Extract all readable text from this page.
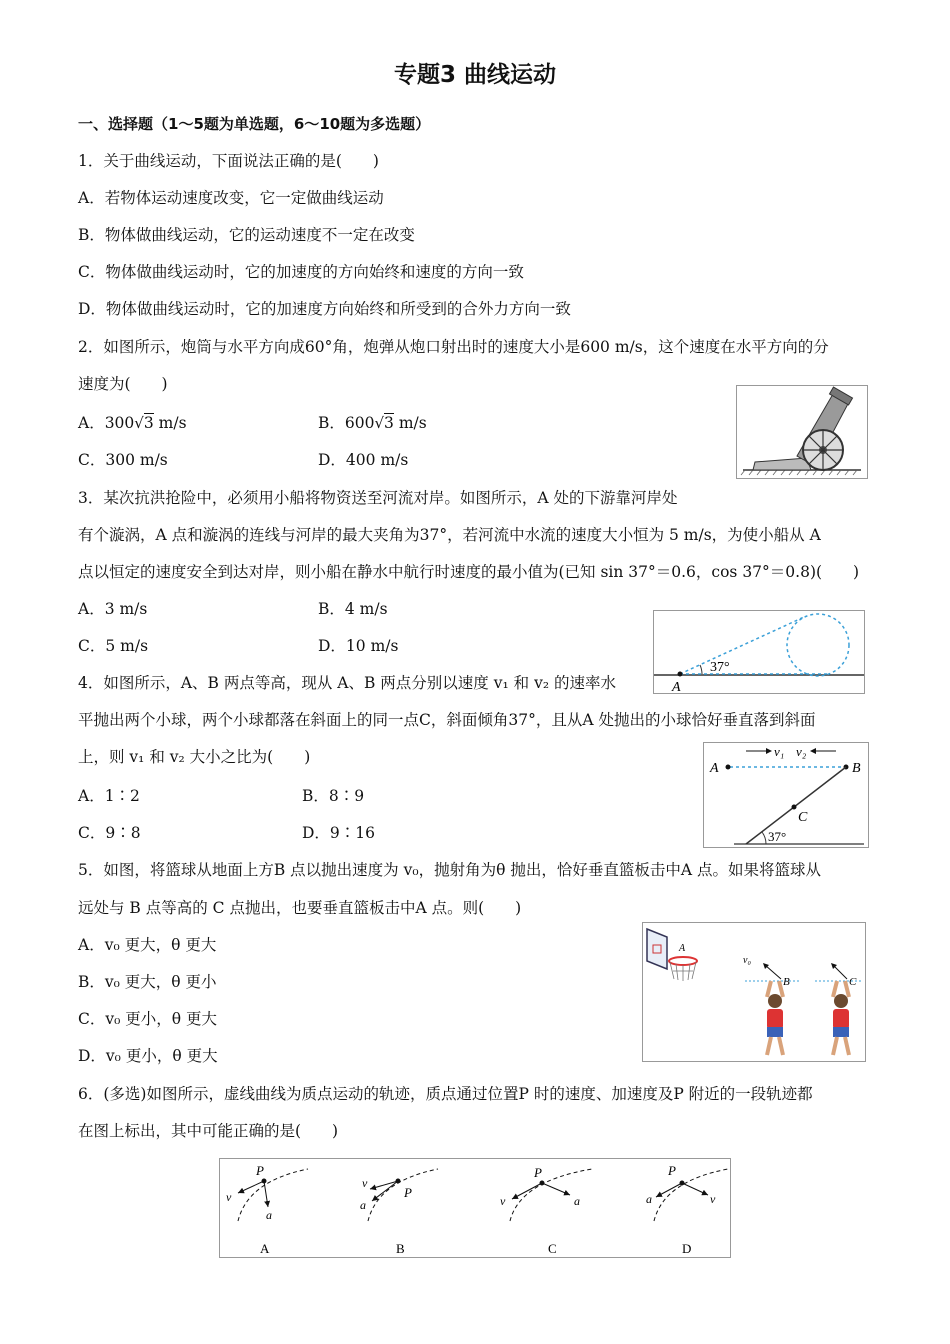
专题3 曲线运动
一、选择题（1～5题为单选题，6～10题为多选题）
1．关于曲线运动，下面说法正确的是(　　)
A．若物体运动速度改变，它一定做曲线运动
B．物体做曲线运动，它的运动速度不一定在改变
C．物体做曲线运动时，它的加速度的方向始终和速度的方向一致
D．物体做曲线运动时，它的加速度方向始终和所受到的合外力方向一致
2．如图所示，炮筒与水平方向成60°角，炮弹从炮口射出时的速度大小是600 m/s，这个速度在水平方向的分
速度为(　　)
A．300√3 m/s	B．600√3 m/s
C．300 m/s	D．400 m/s
3．某次抗洪抢险中，必须用小船将物资送至河流对岸。如图所示，A 处的下游靠河岸处
有个漩涡，A 点和漩涡的连线与河岸的最大夹角为37°，若河流中水流的速度大小恒为 5 m/s，为使小船从 A
点以恒定的速度安全到达对岸，则小船在静水中航行时速度的最小值为(已知 sin 37°＝0.6，cos 37°＝0.8)(　　)
A．3 m/s	B．4 m/s
C．5 m/s	D．10 m/s
37°
A
4．如图所示，A、B 两点等高，现从 A、B 两点分别以速度 v₁ 和 v₂ 的速率水
平抛出两个小球，两个小球都落在斜面上的同一点C，斜面倾角37°，且从A 处抛出的小球恰好垂直落到斜面
上，则 v₁ 和 v₂ 大小之比为(　　)
A．1∶2	B．8∶9
C．9∶8	D．9∶16
A	B
C
v₁ v₂
37°
5．如图，将篮球从地面上方B 点以抛出速度为 v₀，抛射角为θ 抛出，恰好垂直篮板击中A 点。如果将篮球从
远处与 B 点等高的 C 点抛出，也要垂直篮板击中A 点。则(　　)
A．v₀ 更大，θ 更大
B．v₀ 更大，θ 更小
C．v₀ 更小，θ 更大
D．v₀ 更小，θ 更大
A
v₀
B	C
6．(多选)如图所示，虚线曲线为质点运动的轨迹，质点通过位置P 时的速度、加速度及P 附近的一段轨迹都
在图上标出，其中可能正确的是(　　)
P
v
a
A
P
v
a
B
P
v	a
C
P
a	v
D
